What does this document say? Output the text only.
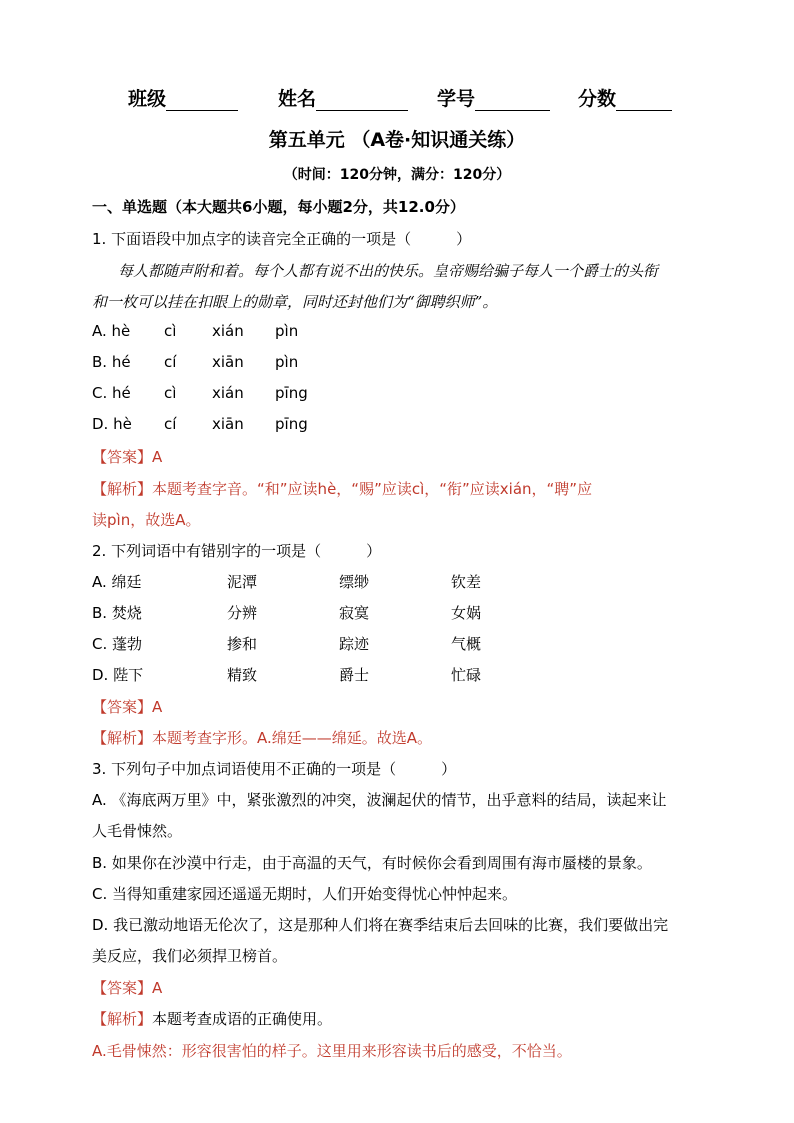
班级	姓名	学号	分数
第五单元 （A卷·知识通关练）
（时间：120分钟，满分：120分）
一、单选题（本大题共6小题，每小题2分，共12.0分）
1. 下面语段中加点字的读音完全正确的一项是（　　　）
每人都随声附和着。每个人都有说不出的快乐。皇帝赐给骗子每人一个爵士的头衔
和一枚可以挂在扣眼上的勋章，同时还封他们为“御聘织师”。
A. hè cì xián pìn
B. hé cí xiān pìn
C. hé cì xián pīng
D. hè cí xiān pīng
【答案】A
【解析】本题考查字音。“和”应读hè，“赐”应读cì，“衔”应读xián，“聘”应
读pìn，故选A。
2. 下列词语中有错别字的一项是（　　　）
A. 绵廷	泥潭	缥缈	钦差
B. 焚烧	分辨	寂寞	女娲
C. 蓬勃	掺和	踪迹	气概
D. 陛下	精致	爵士	忙碌
【答案】A
【解析】本题考查字形。A.绵廷——绵延。故选A。
3. 下列句子中加点词语使用不正确的一项是（　　　）
A. 《海底两万里》中，紧张激烈的冲突，波澜起伏的情节，出乎意料的结局，读起来让
人毛骨悚然。
B. 如果你在沙漠中行走，由于高温的天气，有时候你会看到周围有海市蜃楼的景象。
C. 当得知重建家园还遥遥无期时，人们开始变得忧心忡忡起来。
D. 我已激动地语无伦次了，这是那种人们将在赛季结束后去回味的比赛，我们要做出完
美反应，我们必须捍卫榜首。
【答案】A
【解析】本题考查成语的正确使用。
A.毛骨悚然：形容很害怕的样子。这里用来形容读书后的感受，不恰当。
